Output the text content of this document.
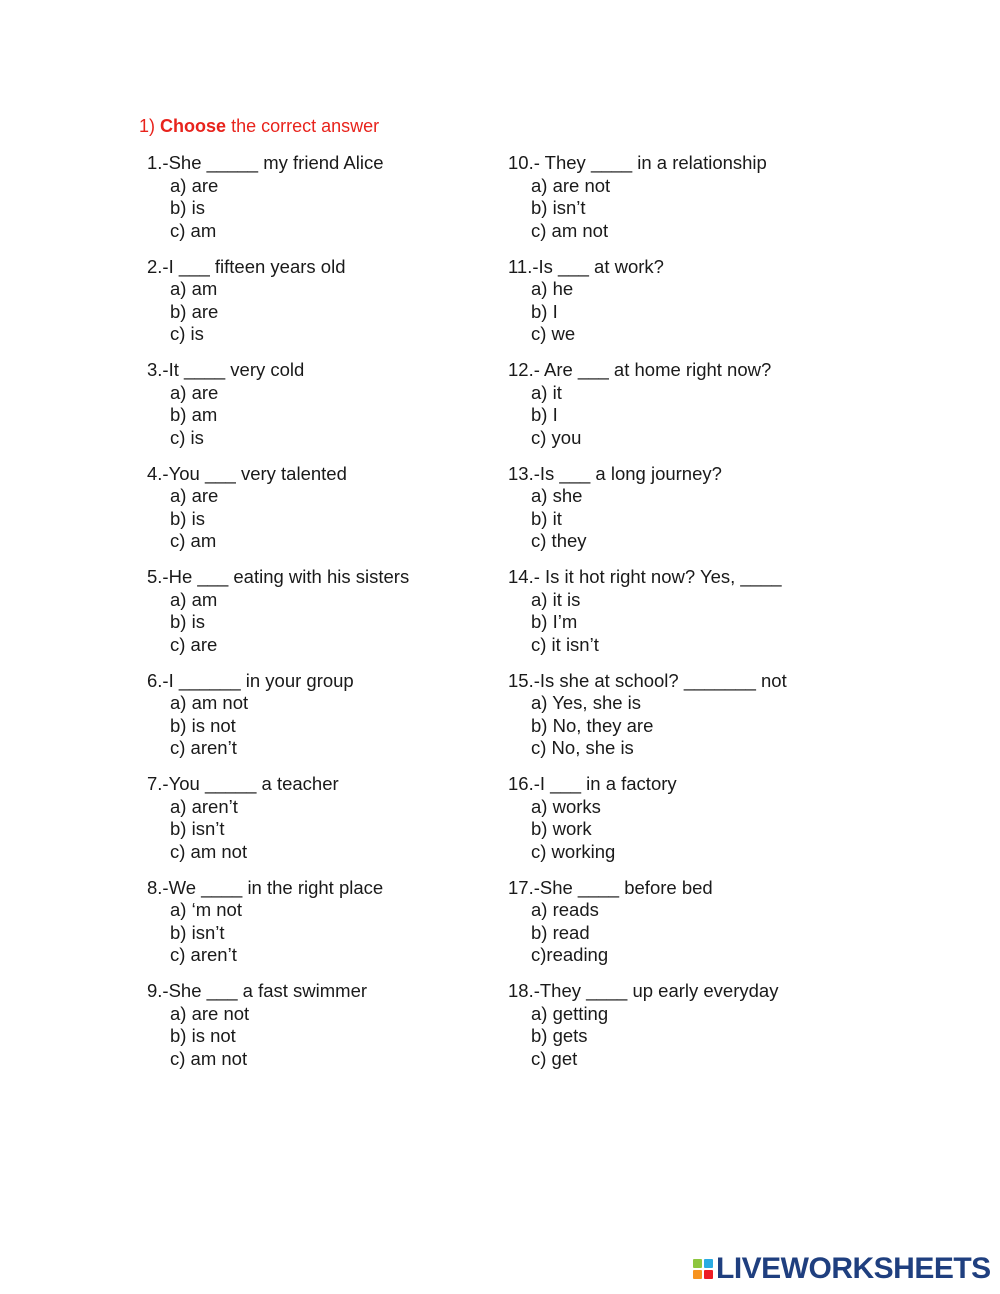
1) Choose the correct answer
1.-She _____ my friend Alice
a) are
b) is
c) am
2.-I ___ fifteen years old
a) am
b) are
c) is
3.-It ____ very cold
a) are
b) am
c) is
4.-You ___ very talented
a) are
b) is
c) am
5.-He ___ eating with his sisters
a) am
b) is
c) are
6.-I ______ in your group
a) am not
b) is not
c) aren’t
7.-You _____ a teacher
a) aren’t
b) isn’t
c) am not
8.-We ____ in the right place
a) ‘m not
b) isn’t
c) aren’t
9.-She ___ a fast swimmer
a) are not
b) is not
c) am not
10.- They ____ in a relationship
a) are not
b) isn’t
c) am not
11.-Is ___ at work?
a) he
b) I
c) we
12.- Are ___ at home right now?
a) it
b) I
c) you
13.-Is ___ a long journey?
a) she
b) it
c) they
14.- Is it hot right now? Yes, ____
a) it is
b) I’m
c) it isn’t
15.-Is she at school? _______ not
a) Yes, she is
b) No, they are
c) No, she is
16.-I ___ in a factory
a) works
b) work
c) working
17.-She ____ before bed
a) reads
b) read
c)reading
18.-They ____ up early everyday
a) getting
b) gets
c) get
LIVEWORKSHEETS
